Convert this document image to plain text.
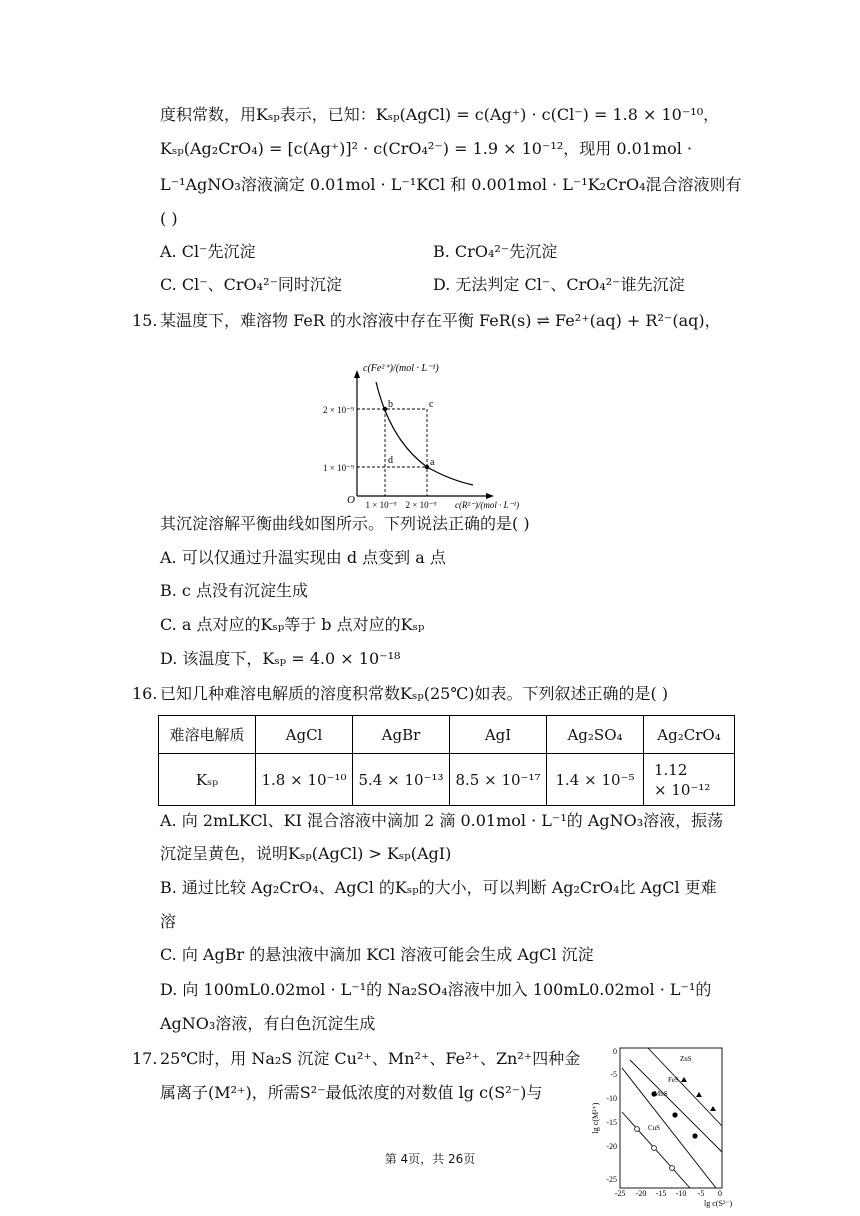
度积常数，用Kₛₚ表示，已知：Kₛₚ(AgCl) = c(Ag⁺) · c(Cl⁻) = 1.8 × 10⁻¹⁰，
Kₛₚ(Ag₂CrO₄) = [c(Ag⁺)]² · c(CrO₄²⁻) = 1.9 × 10⁻¹²，现用 0.01mol ·
L⁻¹AgNO₃溶液滴定 0.01mol · L⁻¹KCl 和 0.001mol · L⁻¹K₂CrO₄混合溶液则有
( )
A. Cl⁻先沉淀	B. CrO₄²⁻先沉淀
C. Cl⁻、CrO₄²⁻同时沉淀	D. 无法判定 Cl⁻、CrO₄²⁻谁先沉淀
15. 某温度下，难溶物 FeR 的水溶液中存在平衡 FeR(s) ⇌ Fe²⁺(aq) + R²⁻(aq)，
c(Fe²⁺)/(mol · L⁻¹)
O
2 × 10⁻⁹
1 × 10⁻⁹
1 × 10⁻⁹ 2 × 10⁻⁹ c(R²⁻)/(mol · L⁻¹)
b	c
d	a
其沉淀溶解平衡曲线如图所示。下列说法正确的是( )
A. 可以仅通过升温实现由 d 点变到 a 点
B. c 点没有沉淀生成
C. a 点对应的Kₛₚ等于 b 点对应的Kₛₚ
D. 该温度下，Kₛₚ = 4.0 × 10⁻¹⁸
16. 已知几种难溶电解质的溶度积常数Kₛₚ(25℃)如表。下列叙述正确的是( )
难溶电解质	AgCl	AgBr	AgI	Ag₂SO₄	Ag₂CrO₄
Kₛₚ	1.8 × 10⁻¹⁰	5.4 × 10⁻¹³	8.5 × 10⁻¹⁷	1.4 × 10⁻⁵	1.12
× 10⁻¹²
A. 向 2mLKCl、KI 混合溶液中滴加 2 滴 0.01mol · L⁻¹的 AgNO₃溶液，振荡
沉淀呈黄色，说明Kₛₚ(AgCl) > Kₛₚ(AgI)
B. 通过比较 Ag₂CrO₄、AgCl 的Kₛₚ的大小，可以判断 Ag₂CrO₄比 AgCl 更难
溶
C. 向 AgBr 的悬浊液中滴加 KCl 溶液可能会生成 AgCl 沉淀
D. 向 100mL0.02mol · L⁻¹的 Na₂SO₄溶液中加入 100mL0.02mol · L⁻¹的
AgNO₃溶液，有白色沉淀生成
17. 25℃时，用 Na₂S 沉淀 Cu²⁺、Mn²⁺、Fe²⁺、Zn²⁺四种金
属离子(M²⁺)，所需S²⁻最低浓度的对数值 lg c(S²⁻)与
0
-5
-10
-15
-20
-25
-25 -20 -15 -10 -5 0
lg c(S²⁻)
lg c(M²⁺)
ZnS
FeS
MnS
CuS
第 4页，共 26页
